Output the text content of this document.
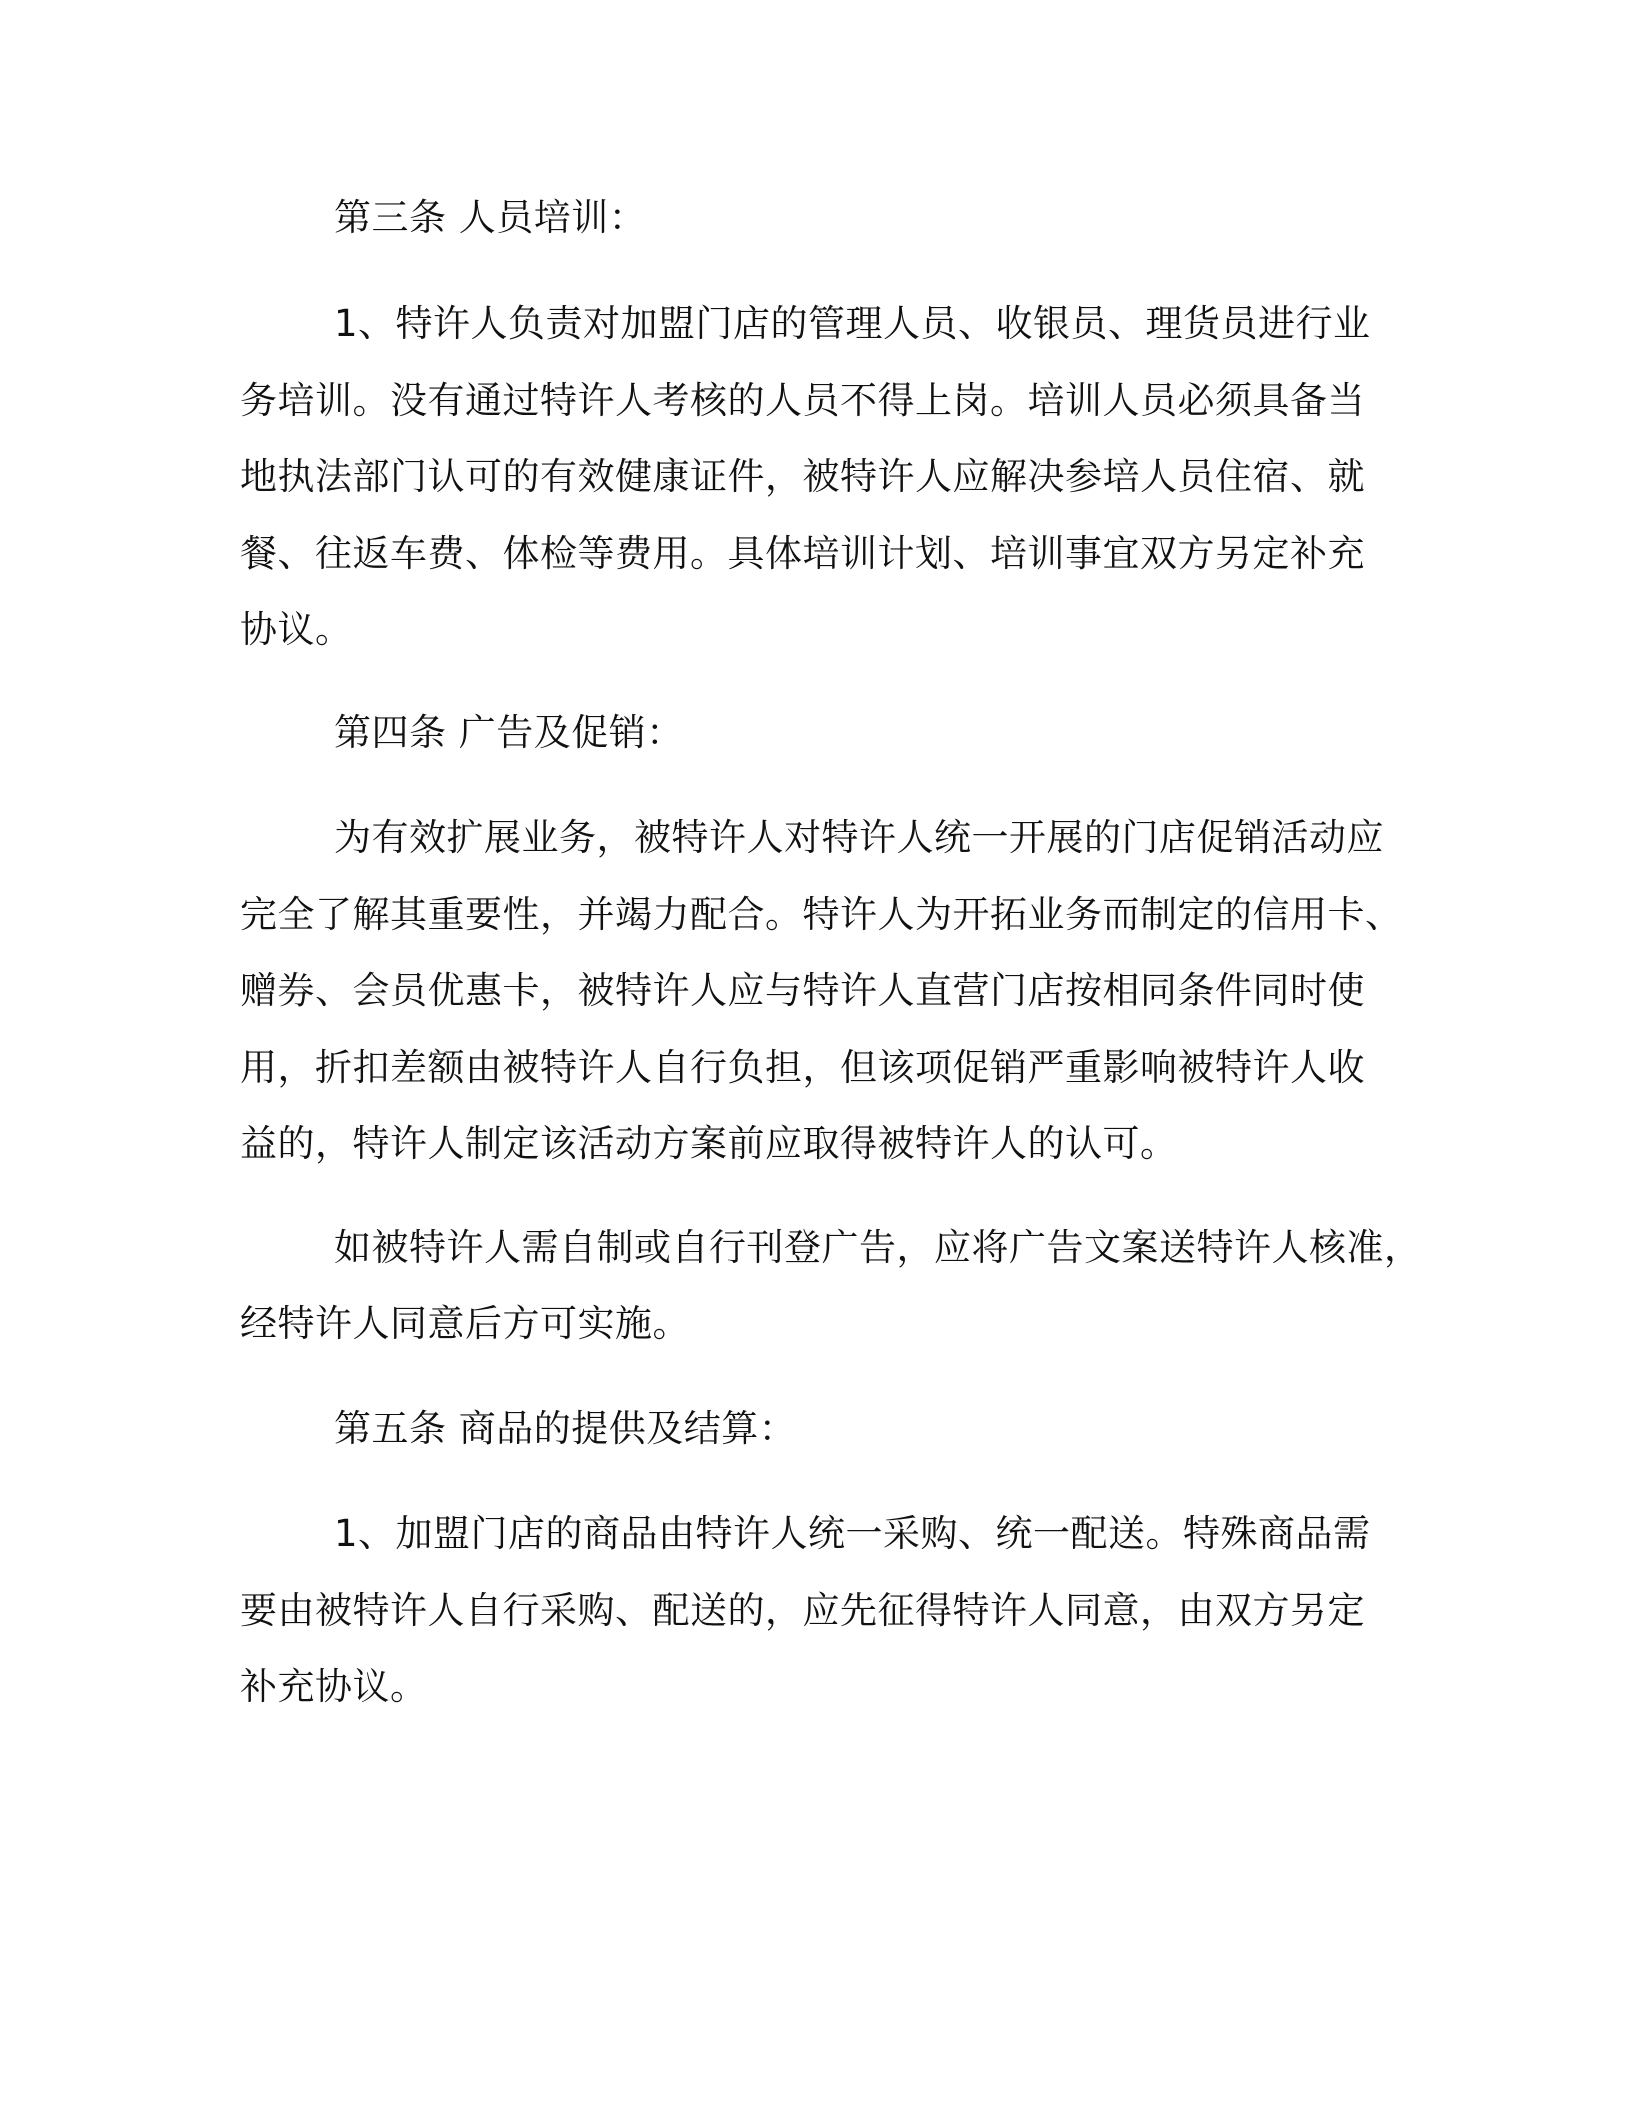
第三条 人员培训：
1、特许人负责对加盟门店的管理人员、收银员、理货员进行业
务培训。没有通过特许人考核的人员不得上岗。培训人员必须具备当
地执法部门认可的有效健康证件，被特许人应解决参培人员住宿、就
餐、往返车费、体检等费用。具体培训计划、培训事宜双方另定补充
协议。
第四条 广告及促销：
为有效扩展业务，被特许人对特许人统一开展的门店促销活动应
完全了解其重要性，并竭力配合。特许人为开拓业务而制定的信用卡、
赠券、会员优惠卡，被特许人应与特许人直营门店按相同条件同时使
用，折扣差额由被特许人自行负担，但该项促销严重影响被特许人收
益的，特许人制定该活动方案前应取得被特许人的认可。
如被特许人需自制或自行刊登广告，应将广告文案送特许人核准，
经特许人同意后方可实施。
第五条 商品的提供及结算：
1、加盟门店的商品由特许人统一采购、统一配送。特殊商品需
要由被特许人自行采购、配送的，应先征得特许人同意，由双方另定
补充协议。
